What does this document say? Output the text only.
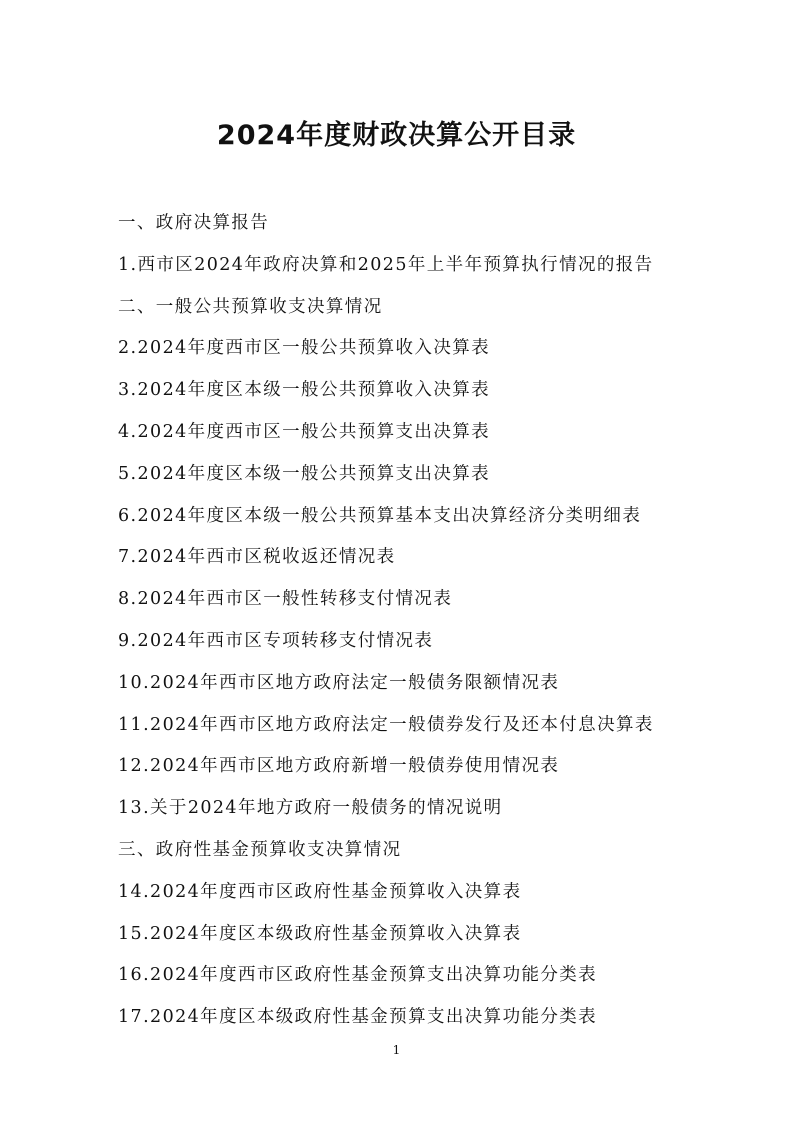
2024年度财政决算公开目录
一、政府决算报告
1.西市区2024年政府决算和2025年上半年预算执行情况的报告
二、一般公共预算收支决算情况
2.2024年度西市区一般公共预算收入决算表
3.2024年度区本级一般公共预算收入决算表
4.2024年度西市区一般公共预算支出决算表
5.2024年度区本级一般公共预算支出决算表
6.2024年度区本级一般公共预算基本支出决算经济分类明细表
7.2024年西市区税收返还情况表
8.2024年西市区一般性转移支付情况表
9.2024年西市区专项转移支付情况表
10.2024年西市区地方政府法定一般债务限额情况表
11.2024年西市区地方政府法定一般债券发行及还本付息决算表
12.2024年西市区地方政府新增一般债券使用情况表
13.关于2024年地方政府一般债务的情况说明
三、政府性基金预算收支决算情况
14.2024年度西市区政府性基金预算收入决算表
15.2024年度区本级政府性基金预算收入决算表
16.2024年度西市区政府性基金预算支出决算功能分类表
17.2024年度区本级政府性基金预算支出决算功能分类表
1
